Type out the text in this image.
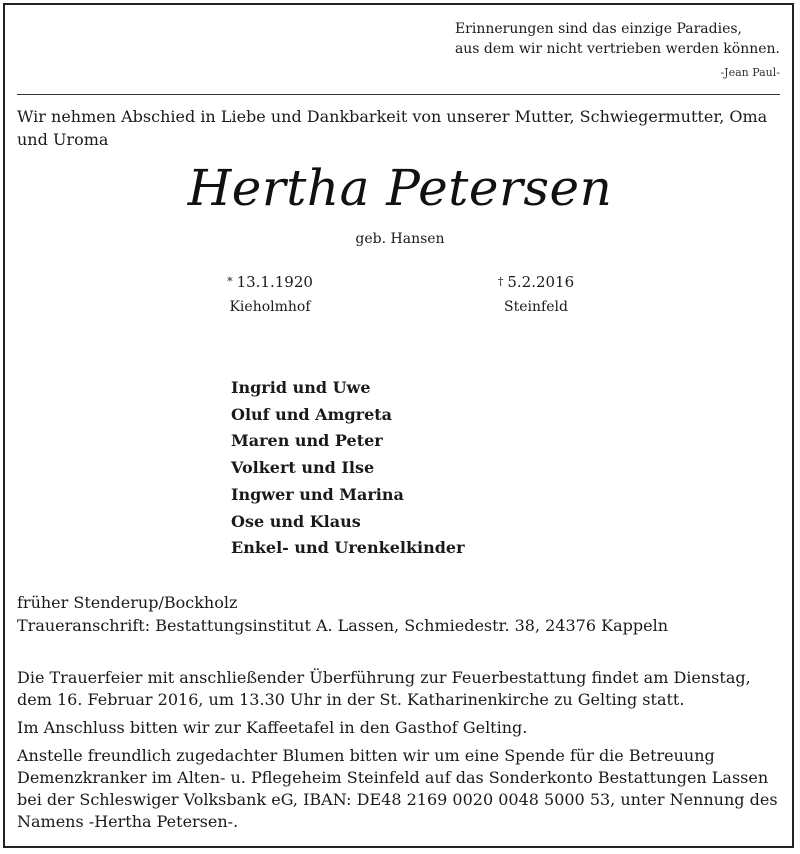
Erinnerungen sind das einzige Paradies,
aus dem wir nicht vertrieben werden können.
-Jean Paul-
Wir nehmen Abschied in Liebe und Dankbarkeit von unserer Mutter, Schwiegermutter, Oma und Uroma
Hertha Petersen
geb. Hansen
* 13.1.1920
Kieholmhof
† 5.2.2016
Steinfeld
Ingrid und Uwe
Oluf und Amgreta
Maren und Peter
Volkert und Ilse
Ingwer und Marina
Ose und Klaus
Enkel- und Urenkelkinder
früher Stenderup/Bockholz
Traueranschrift: Bestattungsinstitut A. Lassen, Schmiedestr. 38, 24376 Kappeln

Die Trauerfeier mit anschließender Überführung zur Feuerbestattung findet am Dienstag, dem 16. Februar 2016, um 13.30 Uhr in der St. Katharinenkirche zu Gelting statt.

Im Anschluss bitten wir zur Kaffeetafel in den Gasthof Gelting.

Anstelle freundlich zugedachter Blumen bitten wir um eine Spende für die Betreuung Demenzkranker im Alten- u. Pflegeheim Steinfeld auf das Sonderkonto Bestattungen Lassen bei der Schleswiger Volksbank eG, IBAN: DE48 2169 0020 0048 5000 53, unter Nennung des Namens -Hertha Petersen-.
